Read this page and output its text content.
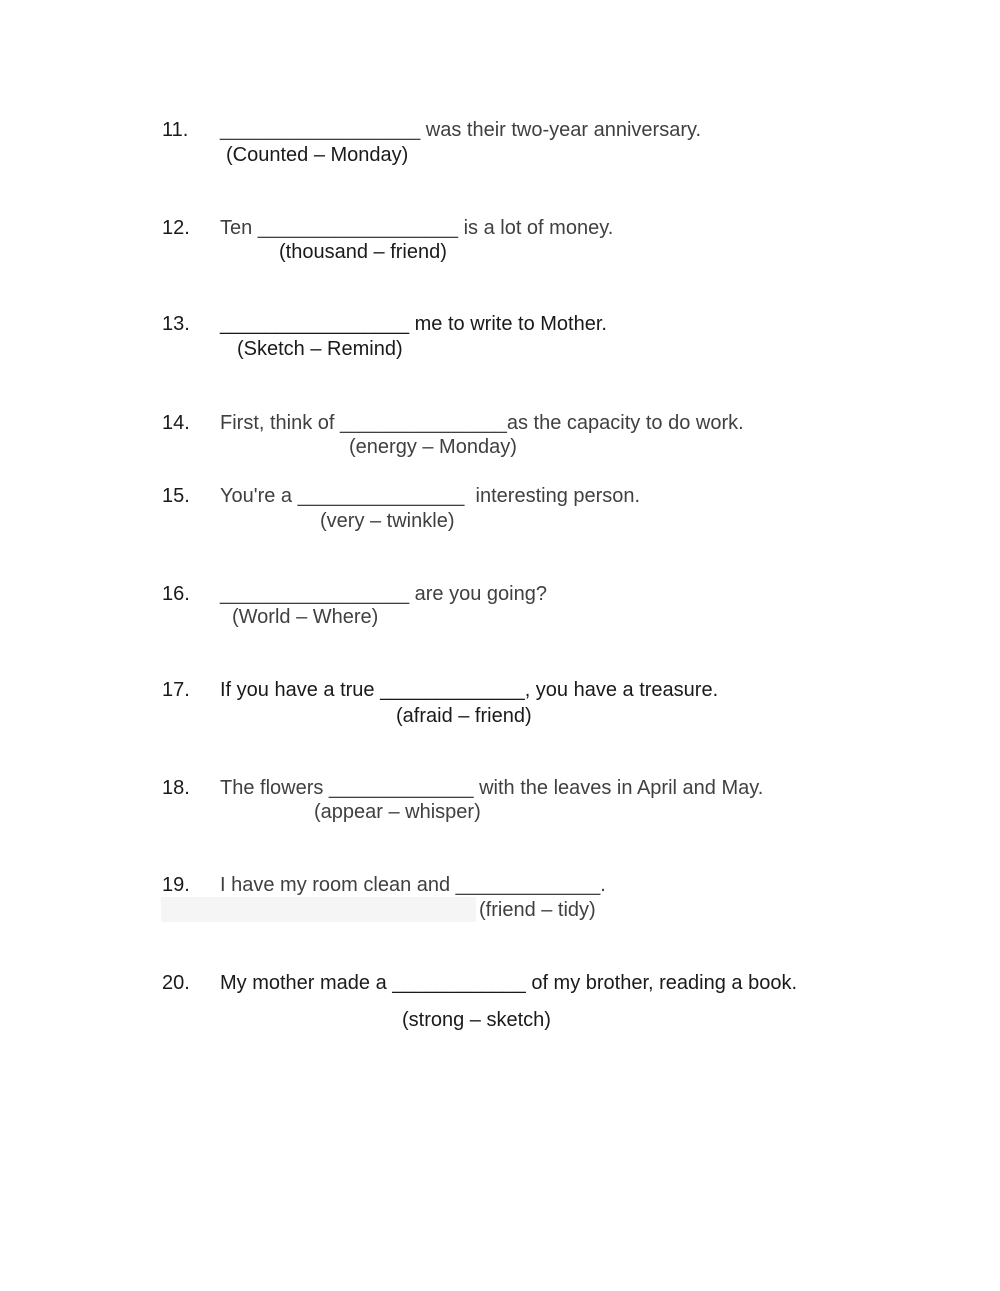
11. __________________ was their two-year anniversary.
(Counted – Monday)
12. Ten __________________ is a lot of money.
(thousand – friend)
13. _________________ me to write to Mother.
(Sketch – Remind)
14. First, think of _______________as the capacity to do work.
(energy – Monday)
15. You're a _______________  interesting person.
(very – twinkle)
16. _________________ are you going?
(World – Where)
17. If you have a true _____________, you have a treasure.
(afraid – friend)
18. The flowers _____________ with the leaves in April and May.
(appear – whisper)
19. I have my room clean and _____________.
(friend – tidy)
20. My mother made a ____________ of my brother, reading a book.
(strong – sketch)
